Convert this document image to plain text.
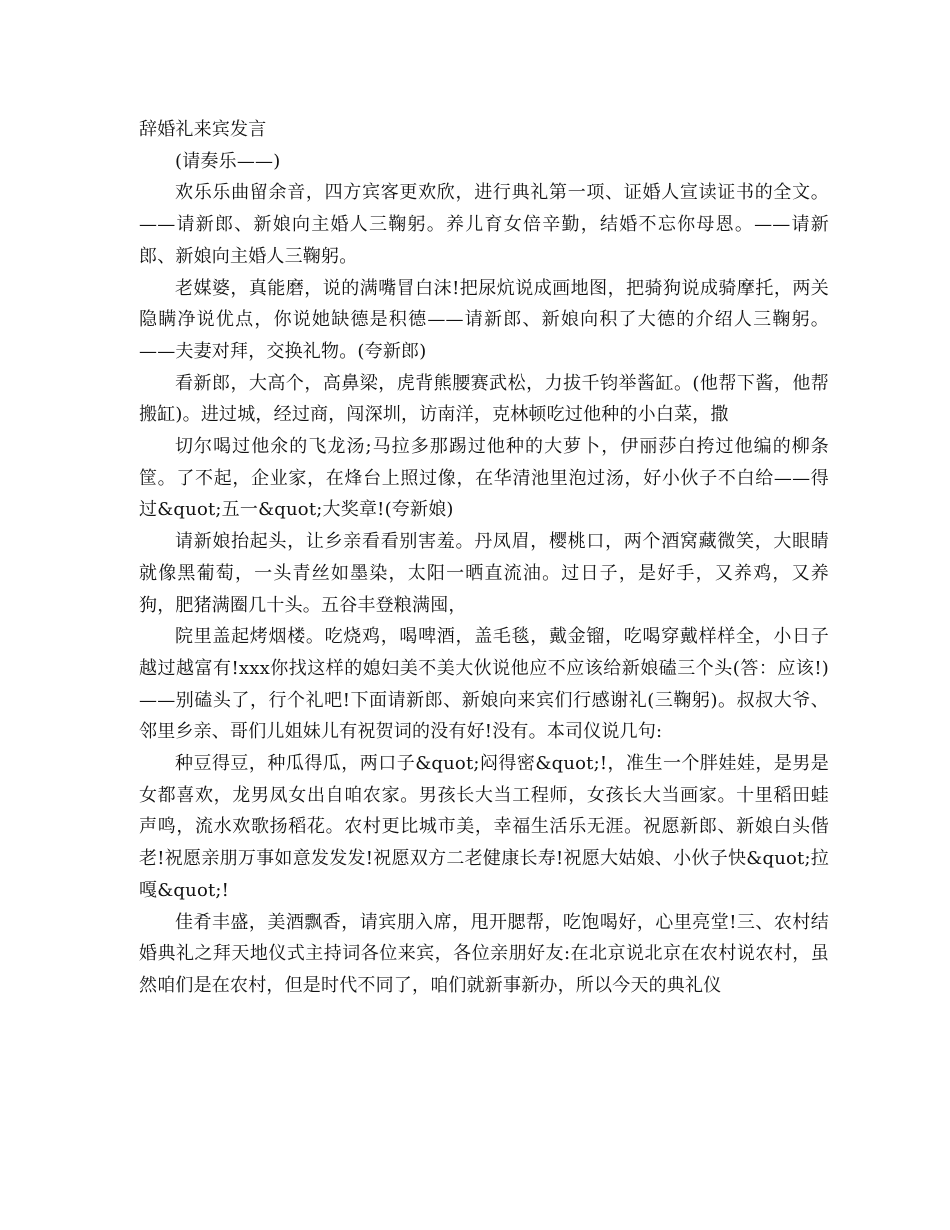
辞婚礼来宾发言

(请奏乐——)

欢乐乐曲留余音，四方宾客更欢欣，进行典礼第一项、证婚人宣读证书的全文。——请新郎、新娘向主婚人三鞠躬。养儿育女倍辛勤，结婚不忘你母恩。——请新郎、新娘向主婚人三鞠躬。

老媒婆，真能磨，说的满嘴冒白沫!把尿炕说成画地图，把骑狗说成骑摩托，两关隐瞒净说优点，你说她缺德是积德——请新郎、新娘向积了大德的介绍人三鞠躬。——夫妻对拜，交换礼物。(夸新郎)

看新郎，大高个，高鼻梁，虎背熊腰赛武松，力拔千钧举酱缸。(他帮下酱，他帮搬缸)。进过城，经过商，闯深圳，访南洋，克林顿吃过他种的小白菜，撒

切尔喝过他氽的飞龙汤;马拉多那踢过他种的大萝卜，伊丽莎白挎过他编的柳条筐。了不起，企业家，在烽台上照过像，在华清池里泡过汤，好小伙子不白给——得过&quot;五一&quot;大奖章!(夸新娘)

请新娘抬起头，让乡亲看看别害羞。丹凤眉，樱桃口，两个酒窝藏微笑，大眼睛就像黑葡萄，一头青丝如墨染，太阳一晒直流油。过日子，是好手，又养鸡，又养狗，肥猪满圈几十头。五谷丰登粮满囤，

院里盖起烤烟楼。吃烧鸡，喝啤酒，盖毛毯，戴金镏，吃喝穿戴样样全，小日子越过越富有!xxx你找这样的媳妇美不美大伙说他应不应该给新娘磕三个头(答：应该!)——别磕头了，行个礼吧!下面请新郎、新娘向来宾们行感谢礼(三鞠躬)。叔叔大爷、邻里乡亲、哥们儿姐妹儿有祝贺词的没有好!没有。本司仪说几句:

种豆得豆，种瓜得瓜，两口子&quot;闷得密&quot;!，准生一个胖娃娃，是男是女都喜欢，龙男凤女出自咱农家。男孩长大当工程师，女孩长大当画家。十里稻田蛙声鸣，流水欢歌扬稻花。农村更比城市美，幸福生活乐无涯。祝愿新郎、新娘白头偕老!祝愿亲朋万事如意发发发!祝愿双方二老健康长寿!祝愿大姑娘、小伙子快&quot;拉嘎&quot;!

佳肴丰盛，美酒飘香，请宾朋入席，甩开腮帮，吃饱喝好，心里亮堂!三、农村结婚典礼之拜天地仪式主持词各位来宾，各位亲朋好友:在北京说北京在农村说农村，虽然咱们是在农村，但是时代不同了，咱们就新事新办，所以今天的典礼仪
